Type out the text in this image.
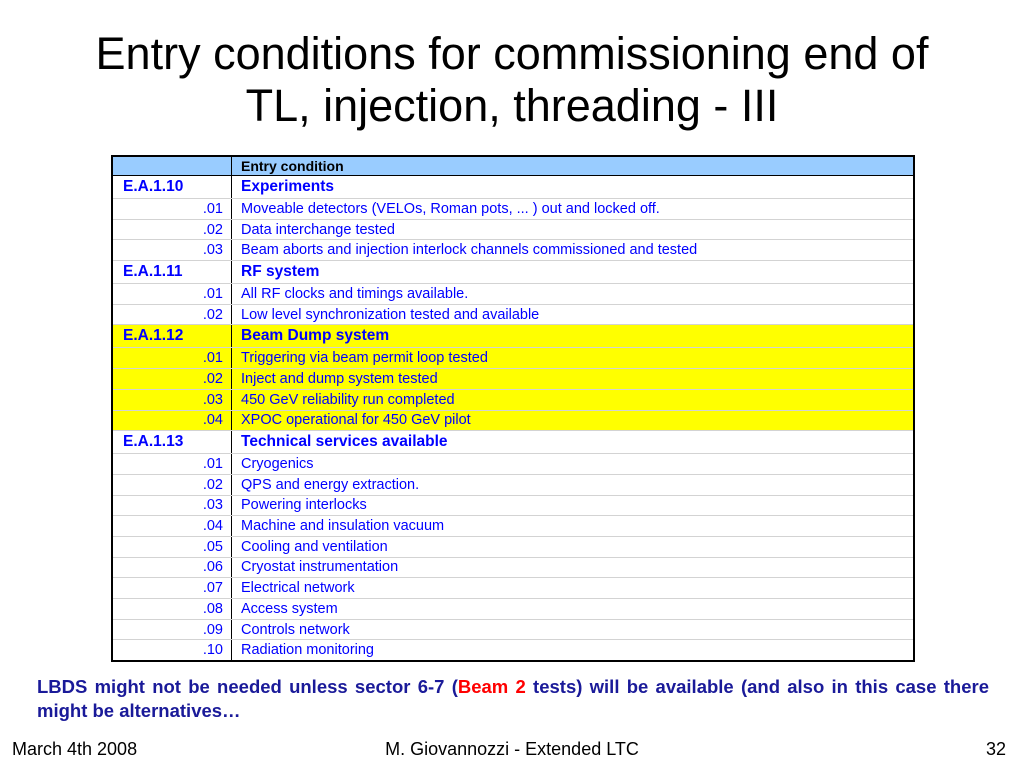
Entry conditions for commissioning end of
TL, injection, threading - III
	Entry condition
E.A.1.10	Experiments
.01	Moveable detectors (VELOs, Roman pots, ... ) out and locked off.
.02	Data interchange tested
.03	Beam aborts and injection interlock channels commissioned and tested
E.A.1.11	RF system
.01	All RF clocks and timings available.
.02	Low level synchronization tested and available
E.A.1.12	Beam Dump system
.01	Triggering via beam permit loop tested
.02	Inject and dump system tested
.03	450 GeV reliability run completed
.04	XPOC operational for 450 GeV pilot
E.A.1.13	Technical services available
.01	Cryogenics
.02	QPS and energy extraction.
.03	Powering interlocks
.04	Machine and insulation vacuum
.05	Cooling and ventilation
.06	Cryostat instrumentation
.07	Electrical network
.08	Access system
.09	Controls network
.10	Radiation monitoring
LBDS might not be needed unless sector 6-7 (Beam 2 tests) will be available (and also in this case there might be alternatives…
March 4th 2008	M. Giovannozzi - Extended LTC	32
